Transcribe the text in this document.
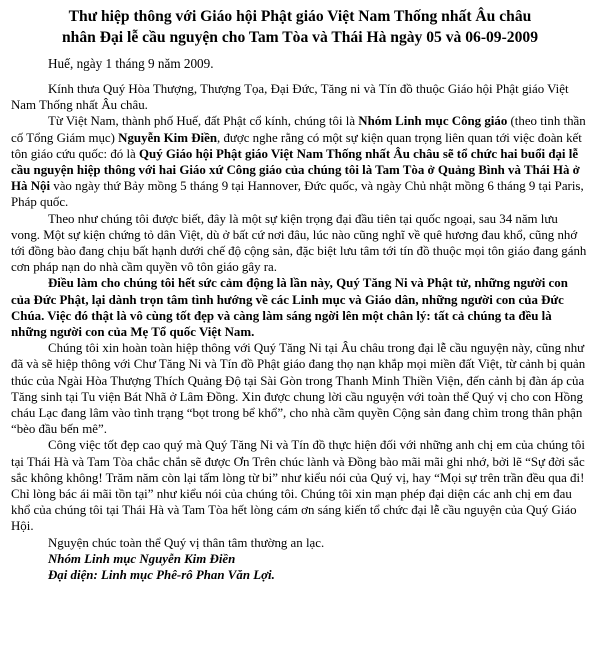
Thư hiệp thông với Giáo hội Phật giáo Việt Nam Thống nhất Âu châu
nhân Đại lễ cầu nguyện cho Tam Tòa và Thái Hà ngày 05 và 06-09-2009
Huế, ngày 1 tháng 9 năm 2009.

Kính thưa Quý Hòa Thượng, Thượng Tọa, Đại Đức, Tăng ni và Tín đồ thuộc Giáo hội Phật giáo Việt Nam Thống nhất Âu châu.

Từ Việt Nam, thành phố Huế, đất Phật cổ kính, chúng tôi là Nhóm Linh mục Công giáo (theo tinh thần cố Tổng Giám mục) Nguyễn Kim Điền, được nghe rằng có một sự kiện quan trọng liên quan tới việc đoàn kết tôn giáo cứu quốc: đó là Quý Giáo hội Phật giáo Việt Nam Thống nhất Âu châu sẽ tổ chức hai buổi đại lễ cầu nguyện hiệp thông với hai Giáo xứ Công giáo của chúng tôi là Tam Tòa ở Quảng Bình và Thái Hà ở Hà Nội vào ngày thứ Bảy mồng 5 tháng 9 tại Hannover, Đức quốc, và ngày Chủ nhật mồng 6 tháng 9 tại Paris, Pháp quốc.

Theo như chúng tôi được biết, đây là một sự kiện trọng đại đầu tiên tại quốc ngoại, sau 34 năm lưu vong. Một sự kiện chứng tỏ dân Việt, dù ở bất cứ nơi đâu, lúc nào cũng nghĩ về quê hương đau khổ, cũng nhớ tới đồng bào đang chịu bất hạnh dưới chế độ cộng sản, đặc biệt lưu tâm tới tín đồ thuộc mọi tôn giáo đang gánh cơn pháp nạn do nhà cầm quyền vô tôn giáo gây ra.

Điều làm cho chúng tôi hết sức cảm động là lần này, Quý Tăng Ni và Phật tử, những người con của Đức Phật, lại dành trọn tâm tình hướng về các Linh mục và Giáo dân, những người con của Đức Chúa. Việc đó thật là vô cùng tốt đẹp và càng làm sáng ngời lên một chân lý: tất cả chúng ta đều là những người con của Mẹ Tổ quốc Việt Nam.

Chúng tôi xin hoàn toàn hiệp thông với Quý Tăng Ni tại Âu châu trong đại lễ cầu nguyện này, cũng như đã và sẽ hiệp thông với Chư Tăng Ni và Tín đồ Phật giáo đang thọ nạn khắp mọi miền đất Việt, từ cảnh bị quản thúc của Ngài Hòa Thượng Thích Quảng Độ tại Sài Gòn trong Thanh Minh Thiền Viện, đến cảnh bị đàn áp của Tăng sinh tại Tu viện Bát Nhã ở Lâm Đồng. Xin được chung lời cầu nguyện với toàn thể Quý vị cho con Hồng cháu Lạc đang lâm vào tình trạng “bọt trong bể khổ”, cho nhà cầm quyền Cộng sản đang chìm trong thân phận “bèo đầu bến mê”.

Công việc tốt đẹp cao quý mà Quý Tăng Ni và Tín đồ thực hiện đối với những anh chị em của chúng tôi tại Thái Hà và Tam Tòa chắc chắn sẽ được Ơn Trên chúc lành và Đồng bào mãi mãi ghi nhớ, bởi lẽ “Sự đời sắc sắc không không! Trăm năm còn lại tấm lòng từ bi” như kiểu nói của Quý vị, hay “Mọi sự trên trần đều qua đi! Chỉ lòng bác ái mãi tồn tại” như kiểu nói của chúng tôi. Chúng tôi xin mạn phép đại diện các anh chị em đau khổ của chúng tôi tại Thái Hà và Tam Tòa hết lòng cám ơn sáng kiến tổ chức đại lễ cầu nguyện của Quý Giáo Hội.

Nguyện chúc toàn thể Quý vị thân tâm thường an lạc.
Nhóm Linh mục Nguyễn Kim Điền
Đại diện: Linh mục Phê-rô Phan Văn Lợi.
